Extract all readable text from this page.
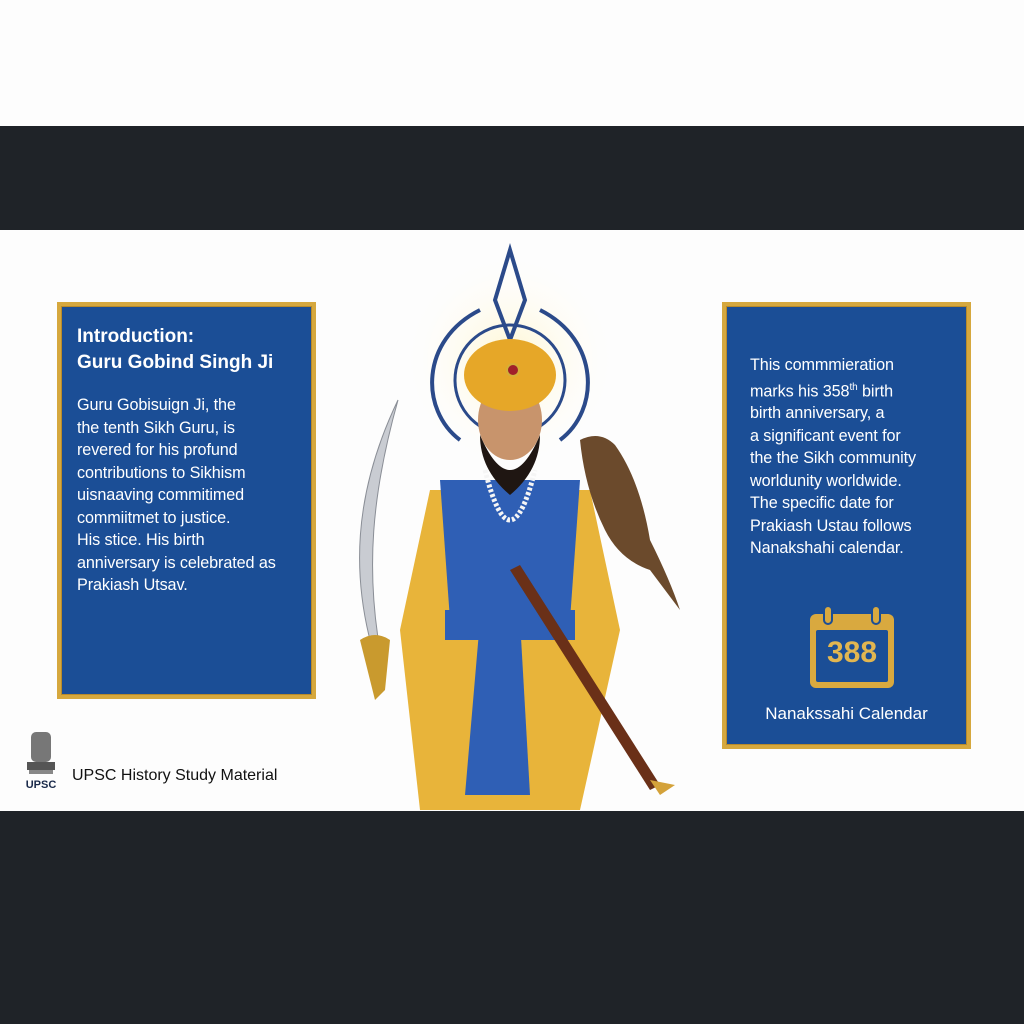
Introduction:
Guru Gobind Singh Ji
Guru Gobisuign Ji, the
the tenth Sikh Guru, is
revered for his profund
contributions to Sikhism
uisnaaving commitimed
commiitmet to justice.
His stice. His birth
anniversary is celebrated as
Prakiash Utsav.
This commmieration
marks his 358th birth
birth anniversary, a
a significant event for
the the Sikh community
worldunity worldwide.
The specific date for
Prakiash Ustau follows
Nanakshahi calendar.
388
Nanakssahi Calendar
UPSC
UPSC History Study Material
